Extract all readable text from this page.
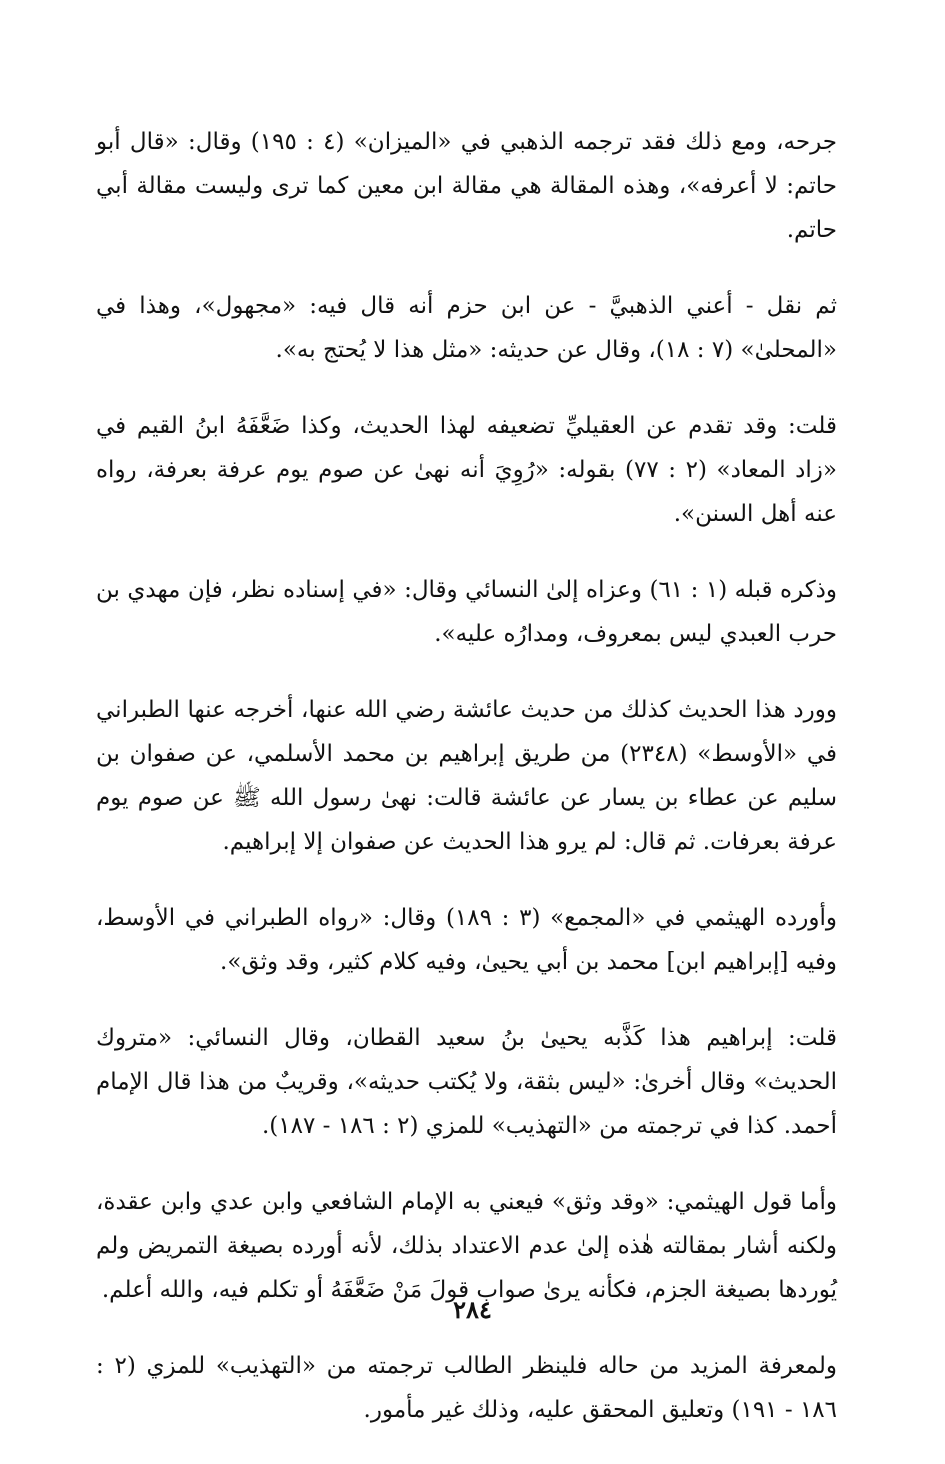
جرحه، ومع ذلك فقد ترجمه الذهبي في «الميزان» (٤ : ١٩٥) وقال: «قال أبو حاتم: لا أعرفه»، وهذه المقالة هي مقالة ابن معين كما ترى وليست مقالة أبي حاتم.

ثم نقل - أعني الذهبيَّ - عن ابن حزم أنه قال فيه: «مجهول»، وهذا في «المحلىٰ» (٧ : ١٨)، وقال عن حديثه: «مثل هذا لا يُحتج به».

قلت: وقد تقدم عن العقيليِّ تضعيفه لهذا الحديث، وكذا ضَعَّفَهُ ابنُ القيم في «زاد المعاد» (٢ : ٧٧) بقوله: «رُوِيَ أنه نهىٰ عن صوم يوم عرفة بعرفة، رواه عنه أهل السنن».

وذكره قبله (١ : ٦١) وعزاه إلىٰ النسائي وقال: «في إسناده نظر، فإن مهدي بن حرب العبدي ليس بمعروف، ومدارُه عليه».

وورد هذا الحديث كذلك من حديث عائشة رضي الله عنها، أخرجه عنها الطبراني في «الأوسط» (٢٣٤٨) من طريق إبراهيم بن محمد الأسلمي، عن صفوان بن سليم عن عطاء بن يسار عن عائشة قالت: نهىٰ رسول الله ﷺ عن صوم يوم عرفة بعرفات. ثم قال: لم يرو هذا الحديث عن صفوان إلا إبراهيم.

وأورده الهيثمي في «المجمع» (٣ : ١٨٩) وقال: «رواه الطبراني في الأوسط، وفيه [إبراهيم ابن] محمد بن أبي يحيىٰ، وفيه كلام كثير، وقد وثق».

قلت: إبراهيم هذا كَذَّبه يحيىٰ بنُ سعيد القطان، وقال النسائي: «متروك الحديث» وقال أخرىٰ: «ليس بثقة، ولا يُكتب حديثه»، وقريبٌ من هذا قال الإمام أحمد. كذا في ترجمته من «التهذيب» للمزي (٢ : ١٨٦ - ١٨٧).

وأما قول الهيثمي: «وقد وثق» فيعني به الإمام الشافعي وابن عدي وابن عقدة، ولكنه أشار بمقالته هٰذه إلىٰ عدم الاعتداد بذلك، لأنه أورده بصيغة التمريض ولم يُوردها بصيغة الجزم، فكأنه يرىٰ صواب قولَ مَنْ ضَعَّفَهُ أو تكلم فيه، والله أعلم.

ولمعرفة المزيد من حاله فلينظر الطالب ترجمته من «التهذيب» للمزي (٢ : ١٨٦ - ١٩١) وتعليق المحقق عليه، وذلك غير مأمور.

٢٨٤
